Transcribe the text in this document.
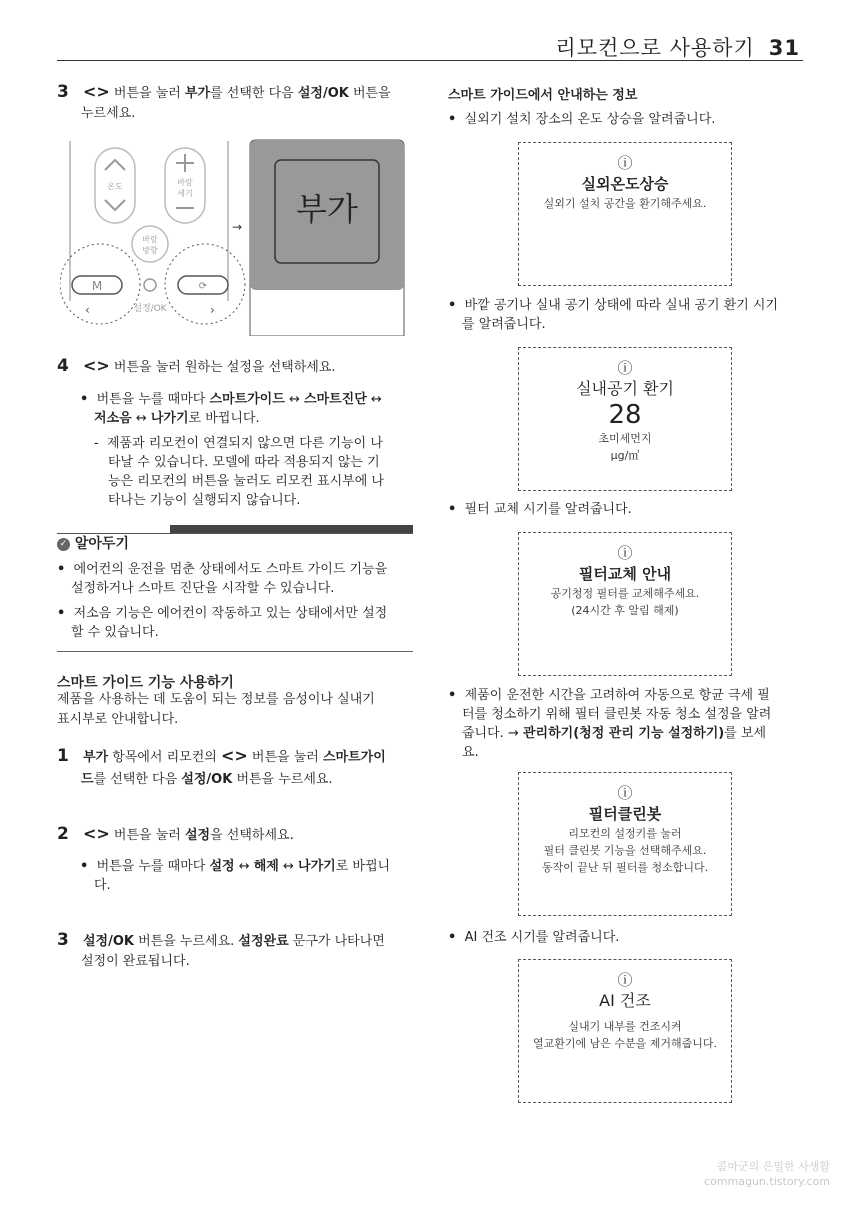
리모컨으로 사용하기 31
3 <> 버튼을 눌러 부가를 선택한 다음 설정/OK 버튼을
누르세요.
온도	바람
세기
바람
방향
M
설정/OK
⟳
‹	›
→ 부가
4 <> 버튼을 눌러 원하는 설정을 선택하세요.
• 버튼을 누를 때마다 스마트가이드 ↔ 스마트진단 ↔
저소음 ↔ 나가기로 바뀝니다.
- 제품과 리모컨이 연결되지 않으면 다른 기능이 나
타날 수 있습니다. 모델에 따라 적용되지 않는 기
능은 리모컨의 버튼을 눌러도 리모컨 표시부에 나
타나는 기능이 실행되지 않습니다.
✓ 알아두기
• 에어컨의 운전을 멈춘 상태에서도 스마트 가이드 기능을
설정하거나 스마트 진단을 시작할 수 있습니다.
• 저소음 기능은 에어컨이 작동하고 있는 상태에서만 설정
할 수 있습니다.
스마트 가이드 기능 사용하기
제품을 사용하는 데 도움이 되는 정보를 음성이나 실내기
표시부로 안내합니다.
1 부가 항목에서 리모컨의 <> 버튼을 눌러 스마트가이
드를 선택한 다음 설정/OK 버튼을 누르세요.
2 <> 버튼을 눌러 설정을 선택하세요.
• 버튼을 누를 때마다 설정 ↔ 해제 ↔ 나가기로 바뀝니
다.
3 설정/OK 버튼을 누르세요. 설정완료 문구가 나타나면
설정이 완료됩니다.
스마트 가이드에서 안내하는 정보
• 실외기 설치 장소의 온도 상승을 알려줍니다.
ⓘ
실외온도상승
실외기 설치 공간을 환기해주세요.
• 바깥 공기나 실내 공기 상태에 따라 실내 공기 환기 시기
를 알려줍니다.
ⓘ
실내공기 환기
28
초미세먼지
μg/㎥
• 필터 교체 시기를 알려줍니다.
ⓘ
필터교체 안내
공기청정 필터를 교체해주세요.
(24시간 후 알림 해제)
• 제품이 운전한 시간을 고려하여 자동으로 항균 극세 필
터를 청소하기 위해 필터 클린봇 자동 청소 설정을 알려
줍니다. → 관리하기(청정 관리 기능 설정하기)를 보세
요.
ⓘ
필터클린봇
리모컨의 설정키를 눌러
필터 클린봇 기능을 선택해주세요.
동작이 끝난 뒤 필터를 청소합니다.
• AI 건조 시기를 알려줍니다.
ⓘ
AI 건조
실내기 내부를 건조시켜
열교환기에 남은 수분을 제거해줍니다.
콤마군의 은밀한 사생활
commagun.tistory.com
